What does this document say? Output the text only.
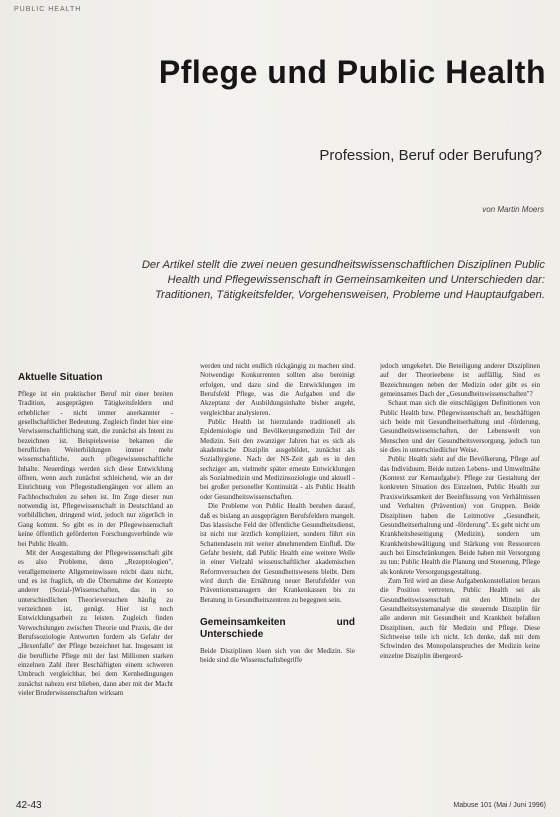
PUBLIC HEALTH
Pflege und Public Health
Profession, Beruf oder Berufung?
von Martin Moers
Der Artikel stellt die zwei neuen gesundheitswissenschaftlichen Disziplinen Public Health und Pflegewissenschaft in Gemeinsamkeiten und Unterschieden dar: Traditionen, Tätigkeitsfelder, Vorgehensweisen, Probleme und Hauptaufgaben.
Aktuelle Situation

Pflege ist ein praktischer Beruf mit einer breiten Tradition, ausgeprägten Tätigkeitsfeldern und erheblicher - nicht immer anerkannter - gesellschaftlicher Bedeutung. Zugleich findet hier eine Verwissenschaftlichung statt, die zunächst als Intent zu bezeichnen ist. Beispielsweise bekamen die beruflichen Weiterbildungen immer mehr wissenschaftliche, auch pflegewissenschaftliche Inhalte. Neuerdings werden sich diese Entwicklung öffnen, wenn auch zunächst schleichend, wie an der Einrichtung von Pflegestudiengängen vor allem an Fachhochschulen zu sehen ist. Im Zuge dieser nun notwendig ist, Pflegewissenschaft in Deutschland an vorbildlichen, dringend wird, jedoch nur zögerlich in Gang kommt. So gibt es in der Pflegewissenschaft keine öffentlich geförderten Forschungsverbünde wie bei Public Health.

Mit der Ausgestaltung der Pflegewissenschaft gibt es also Probleme, denn „Rezeptologien", verallgemeinerte Allgemeinwissen reicht dazu nicht, und es ist fraglich, ob die Übernahme der Konzepte anderer (Sozial-)Wissenschaften, das in so unterschiedlichen Theorieversuchen häufig zu verzeichnen ist, genügt. Hier ist noch Entwicklungsarbeit zu leisten. Zugleich finden Verwechslungen zwischen Theorie und Praxis, die der Berufssoziologie Antworten fordern als Gefahr der „Hexenfalle" der Pflege bezeichnet hat. Insgesamt ist die berufliche Pflege mit der fast Millionen starken einzelnen Zahl ihrer Beschäftigten einem schweren Umbruch vergleichbar, bei dem Kernbedingungen zunächst nahezu erst blieben, dann aber mit der Macht vieler Bruderwissenschaften wirksam

werden und nicht endlich rückgängig zu machen sind. Notwendige Konkurrenten sollten also bereinigt erfolgen, und dazu sind die Entwicklungen im Berufsfeld Pflege, was die Aufgaben und die Akzeptanz der Ausbildungsinhalte bisher angeht, vergleichbar analysieren.

Public Health ist hierzulande traditionell als Epidemiologie und Bevölkerungsmedizin Teil der Medizin. Seit den zwanziger Jahren hat es sich als akademische Disziplin ausgebildet, zunächst als Sozialhygiene. Nach der NS-Zeit gab es in den sechziger am, vielmehr später erneute Entwicklungen als Sozialmedizin und Medizinsoziologie und aktuell - bei großer personeller Kontinuität - als Public Health oder Gesundheitswissenschaften.

Die Probleme von Public Health beruhen darauf, daß es bislang an ausgeprägten Berufsfeldern mangelt. Das klassische Feld der öffentliche Gesundheitsdienst, ist nicht nur ärztlich kompliziert, sondern führt ein Schattendasein mit weiter abnehmendem Einfluß. Die Gefahr besteht, daß Public Health eine weitere Welle in einer Vielzahl wissenschaftlicher akademischen Reformversuchen der Gesundheitswesens bleibt. Dem wird durch die Ernährung neuer Berufsfelder von Präventionsmanagern der Krankenkassen bis zu Beratung in Gesundheitszentren zu begegnen sein.

Gemeinsamkeiten und Unterschiede

Beide Disziplinen lösen sich von der Medizin. Sie beide sind die Wissenschaftsbegriffe

jedoch umgekehrt. Die Beteiligung anderer Disziplinen auf der Theorieebene ist auffällig. Sind es Bezeichnungen neben der Medizin oder gibt es ein gemeinsames Dach der „Gesundheitswissenschaften"?

Schaut man sich die einschlägigen Definitionen von Public Health bzw. Pflegewissenschaft an, beschäftigen sich beide mit Gesundheitserhaltung und -förderung, Gesundheitswissenschaften, der Lebenswelt von Menschen und der Gesundheitsversorgung, jedoch tun sie dies in unterschiedlicher Weise.

Public Health sieht auf die Bevölkerung, Pflege auf das Individuum. Beide nutzen Lebens- und Umweltnähe (Kontext zur Kernaufgabe): Pflege zur Gestaltung der konkreten Situation des Einzelnen, Public Health zur Praxiswirksamkeit der Beeinflussung von Verhältnissen und Verhalten (Prävention) von Gruppen. Beide Disziplinen haben die Leitmotive „Gesundheit, Gesundheitserhaltung und -förderung". Es geht nicht um Krankheitsbeseitigung (Medizin), sondern um Krankheitsbewältigung und Stärkung von Ressourcen auch bei Einschränkungen. Beide haben mit Versorgung zu tun: Public Health die Planung und Steuerung, Pflege als konkrete Versorgungsgestaltung.

Zum Teil wird an diese Aufgabenkonstellation heraus die Position vertreten, Public Health sei als Gesundheitswissenschaft mit den Mitteln der Gesundheitssystemanalyse die steuernde Disziplin für alle anderen mit Gesundheit und Krankheit befaßten Disziplinen, auch für Medizin und Pflege. Diese Sichtweise teile ich nicht. Ich denke, daß mit dem Schwinden des Monopolanspruches der Medizin keine einzelne Disziplin übergeord-

42-43	Mabuse 101 (Mai / Juni 1996)
